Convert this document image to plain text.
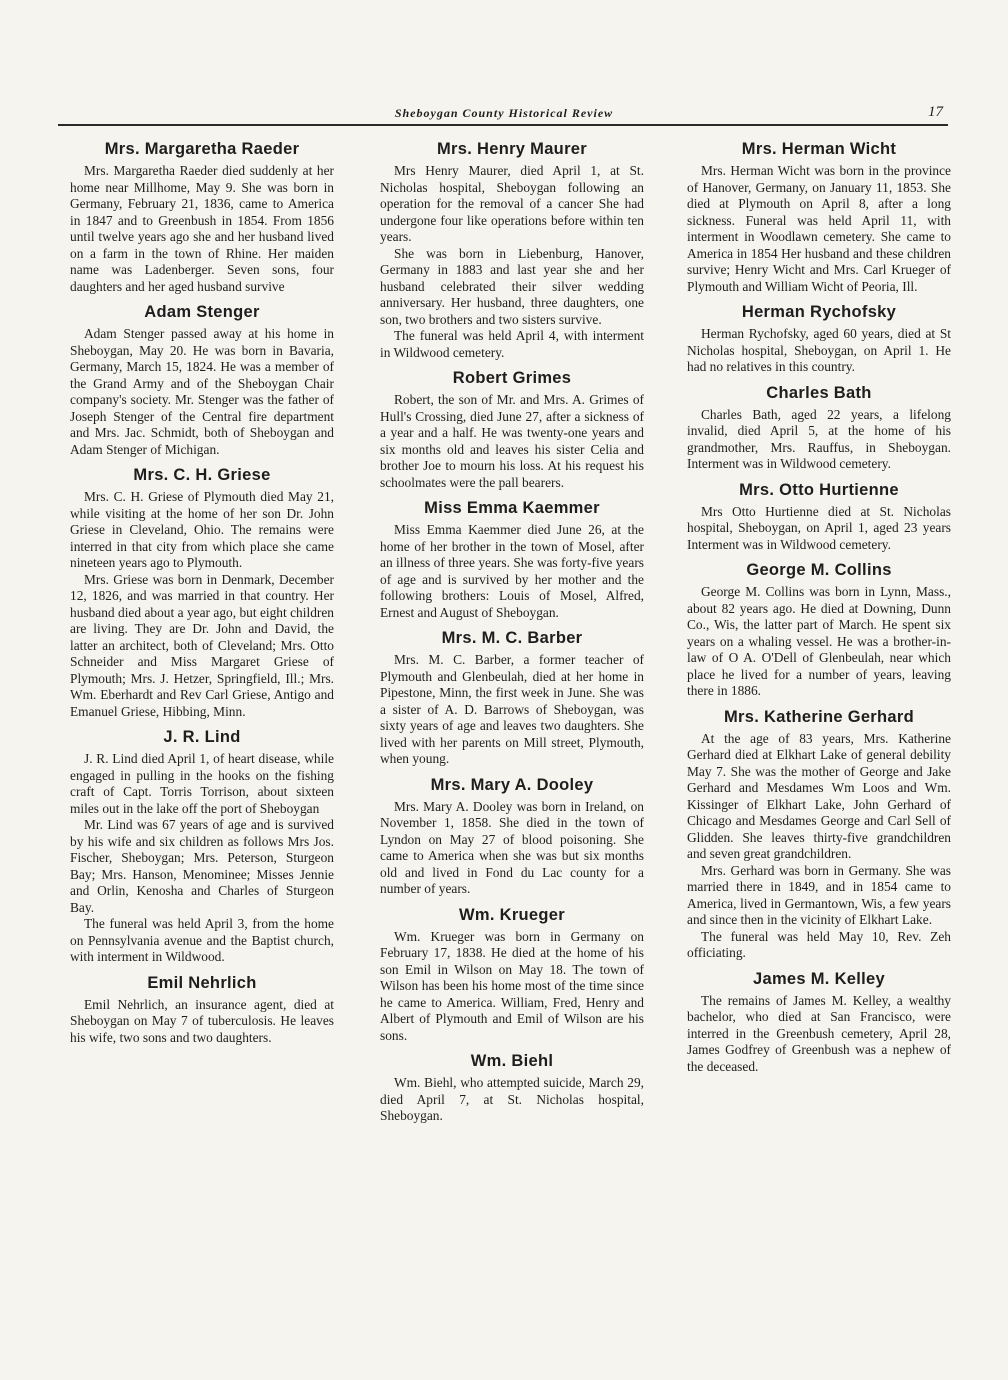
Sheboygan County Historical Review	17
Mrs. Margaretha Raeder

Mrs. Margaretha Raeder died suddenly at her home near Millhome, May 9. She was born in Germany, February 21, 1836, came to America in 1847 and to Greenbush in 1854. From 1856 until twelve years ago she and her husband lived on a farm in the town of Rhine. Her maiden name was Ladenberger. Seven sons, four daughters and her aged husband survive

Adam Stenger

Adam Stenger passed away at his home in Sheboygan, May 20. He was born in Bavaria, Germany, March 15, 1824. He was a member of the Grand Army and of the Sheboygan Chair company's society. Mr. Stenger was the father of Joseph Stenger of the Central fire department and Mrs. Jac. Schmidt, both of Sheboygan and Adam Stenger of Michigan.

Mrs. C. H. Griese

Mrs. C. H. Griese of Plymouth died May 21, while visiting at the home of her son Dr. John Griese in Cleveland, Ohio. The remains were interred in that city from which place she came nineteen years ago to Plymouth.

Mrs. Griese was born in Denmark, December 12, 1826, and was married in that country. Her husband died about a year ago, but eight children are living. They are Dr. John and David, the latter an architect, both of Cleveland; Mrs. Otto Schneider and Miss Margaret Griese of Plymouth; Mrs. J. Hetzer, Springfield, Ill.; Mrs. Wm. Eberhardt and Rev Carl Griese, Antigo and Emanuel Griese, Hibbing, Minn.

J. R. Lind

J. R. Lind died April 1, of heart disease, while engaged in pulling in the hooks on the fishing craft of Capt. Torris Torrison, about sixteen miles out in the lake off the port of Sheboygan

Mr. Lind was 67 years of age and is survived by his wife and six children as follows Mrs Jos. Fischer, Sheboygan; Mrs. Peterson, Sturgeon Bay; Mrs. Hanson, Menominee; Misses Jennie and Orlin, Kenosha and Charles of Sturgeon Bay.

The funeral was held April 3, from the home on Pennsylvania avenue and the Baptist church, with interment in Wildwood.

Emil Nehrlich

Emil Nehrlich, an insurance agent, died at Sheboygan on May 7 of tuberculosis. He leaves his wife, two sons and two daughters.

Mrs. Henry Maurer

Mrs Henry Maurer, died April 1, at St. Nicholas hospital, Sheboygan following an operation for the removal of a cancer She had undergone four like operations before within ten years.

She was born in Liebenburg, Hanover, Germany in 1883 and last year she and her husband celebrated their silver wedding anniversary. Her husband, three daughters, one son, two brothers and two sisters survive.

The funeral was held April 4, with interment in Wildwood cemetery.

Robert Grimes

Robert, the son of Mr. and Mrs. A. Grimes of Hull's Crossing, died June 27, after a sickness of a year and a half. He was twenty-one years and six months old and leaves his sister Celia and brother Joe to mourn his loss. At his request his schoolmates were the pall bearers.

Miss Emma Kaemmer

Miss Emma Kaemmer died June 26, at the home of her brother in the town of Mosel, after an illness of three years. She was forty-five years of age and is survived by her mother and the following brothers: Louis of Mosel, Alfred, Ernest and August of Sheboygan.

Mrs. M. C. Barber

Mrs. M. C. Barber, a former teacher of Plymouth and Glenbeulah, died at her home in Pipestone, Minn, the first week in June. She was a sister of A. D. Barrows of Sheboygan, was sixty years of age and leaves two daughters. She lived with her parents on Mill street, Plymouth, when young.

Mrs. Mary A. Dooley

Mrs. Mary A. Dooley was born in Ireland, on November 1, 1858. She died in the town of Lyndon on May 27 of blood poisoning. She came to America when she was but six months old and lived in Fond du Lac county for a number of years.

Wm. Krueger

Wm. Krueger was born in Germany on February 17, 1838. He died at the home of his son Emil in Wilson on May 18. The town of Wilson has been his home most of the time since he came to America. William, Fred, Henry and Albert of Plymouth and Emil of Wilson are his sons.

Wm. Biehl

Wm. Biehl, who attempted suicide, March 29, died April 7, at St. Nicholas hospital, Sheboygan.

Mrs. Herman Wicht

Mrs. Herman Wicht was born in the province of Hanover, Germany, on January 11, 1853. She died at Plymouth on April 8, after a long sickness. Funeral was held April 11, with interment in Woodlawn cemetery. She came to America in 1854 Her husband and these children survive; Henry Wicht and Mrs. Carl Krueger of Plymouth and William Wicht of Peoria, Ill.

Herman Rychofsky

Herman Rychofsky, aged 60 years, died at St Nicholas hospital, Sheboygan, on April 1. He had no relatives in this country.

Charles Bath

Charles Bath, aged 22 years, a lifelong invalid, died April 5, at the home of his grandmother, Mrs. Rauffus, in Sheboygan. Interment was in Wildwood cemetery.

Mrs. Otto Hurtienne

Mrs Otto Hurtienne died at St. Nicholas hospital, Sheboygan, on April 1, aged 23 years Interment was in Wildwood cemetery.

George M. Collins

George M. Collins was born in Lynn, Mass., about 82 years ago. He died at Downing, Dunn Co., Wis, the latter part of March. He spent six years on a whaling vessel. He was a brother-in-law of O A. O'Dell of Glenbeulah, near which place he lived for a number of years, leaving there in 1886.

Mrs. Katherine Gerhard

At the age of 83 years, Mrs. Katherine Gerhard died at Elkhart Lake of general debility May 7. She was the mother of George and Jake Gerhard and Mesdames Wm Loos and Wm. Kissinger of Elkhart Lake, John Gerhard of Chicago and Mesdames George and Carl Sell of Glidden. She leaves thirty-five grandchildren and seven great grandchildren.

Mrs. Gerhard was born in Germany. She was married there in 1849, and in 1854 came to America, lived in Germantown, Wis, a few years and since then in the vicinity of Elkhart Lake.

The funeral was held May 10, Rev. Zeh officiating.

James M. Kelley

The remains of James M. Kelley, a wealthy bachelor, who died at San Francisco, were interred in the Greenbush cemetery, April 28, James Godfrey of Greenbush was a nephew of the deceased.
